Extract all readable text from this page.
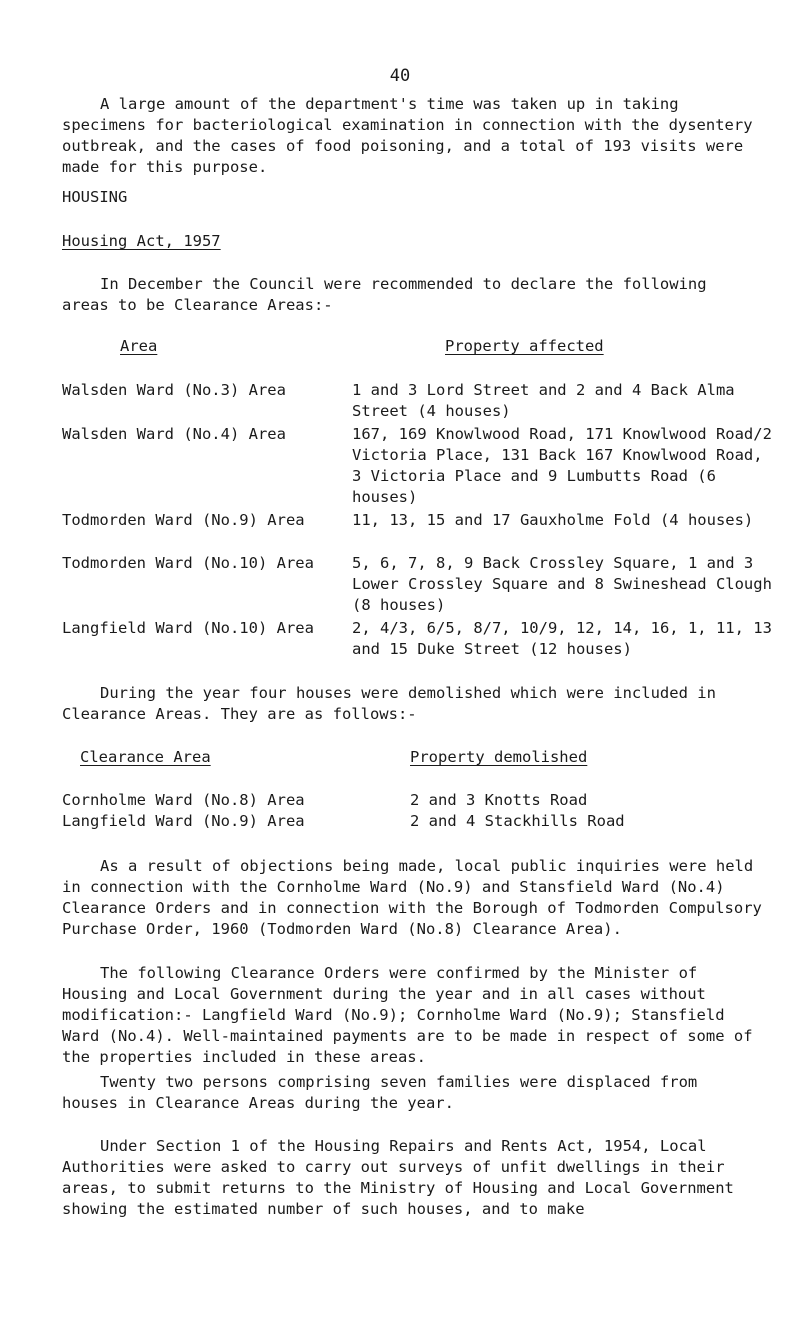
40

A large amount of the department's time was taken up in taking specimens for bacteriological examination in connection with the dysentery outbreak, and the cases of food poisoning, and a total of 193 visits were made for this purpose.

HOUSING
Housing Act, 1957

In December the Council were recommended to declare the following areas to be Clearance Areas:-

Area	Property affected
Walsden Ward (No.3) Area	1 and 3 Lord Street and 2 and 4 Back Alma Street (4 houses)
Walsden Ward (No.4) Area	167, 169 Knowlwood Road, 171 Knowlwood Road/2 Victoria Place, 131 Back 167 Knowlwood Road, 3 Victoria Place and 9 Lumbutts Road (6 houses)
Todmorden Ward (No.9) Area	11, 13, 15 and 17 Gauxholme Fold (4 houses)
Todmorden Ward (No.10) Area	5, 6, 7, 8, 9 Back Crossley Square, 1 and 3 Lower Crossley Square and 8 Swineshead Clough (8 houses)
Langfield Ward (No.10) Area	2, 4/3, 6/5, 8/7, 10/9, 12, 14, 16, 1, 11, 13 and 15 Duke Street (12 houses)

During the year four houses were demolished which were included in Clearance Areas. They are as follows:-

Clearance Area	Property demolished
Cornholme Ward (No.8) Area	2 and 3 Knotts Road
Langfield Ward (No.9) Area	2 and 4 Stackhills Road

As a result of objections being made, local public inquiries were held in connection with the Cornholme Ward (No.9) and Stansfield Ward (No.4) Clearance Orders and in connection with the Borough of Todmorden Compulsory Purchase Order, 1960 (Todmorden Ward (No.8) Clearance Area).

The following Clearance Orders were confirmed by the Minister of Housing and Local Government during the year and in all cases without modification:- Langfield Ward (No.9); Cornholme Ward (No.9); Stansfield Ward (No.4). Well-maintained payments are to be made in respect of some of the properties included in these areas.

Twenty two persons comprising seven families were displaced from houses in Clearance Areas during the year.

Under Section 1 of the Housing Repairs and Rents Act, 1954, Local Authorities were asked to carry out surveys of unfit dwellings in their areas, to submit returns to the Ministry of Housing and Local Government showing the estimated number of such houses, and to make
